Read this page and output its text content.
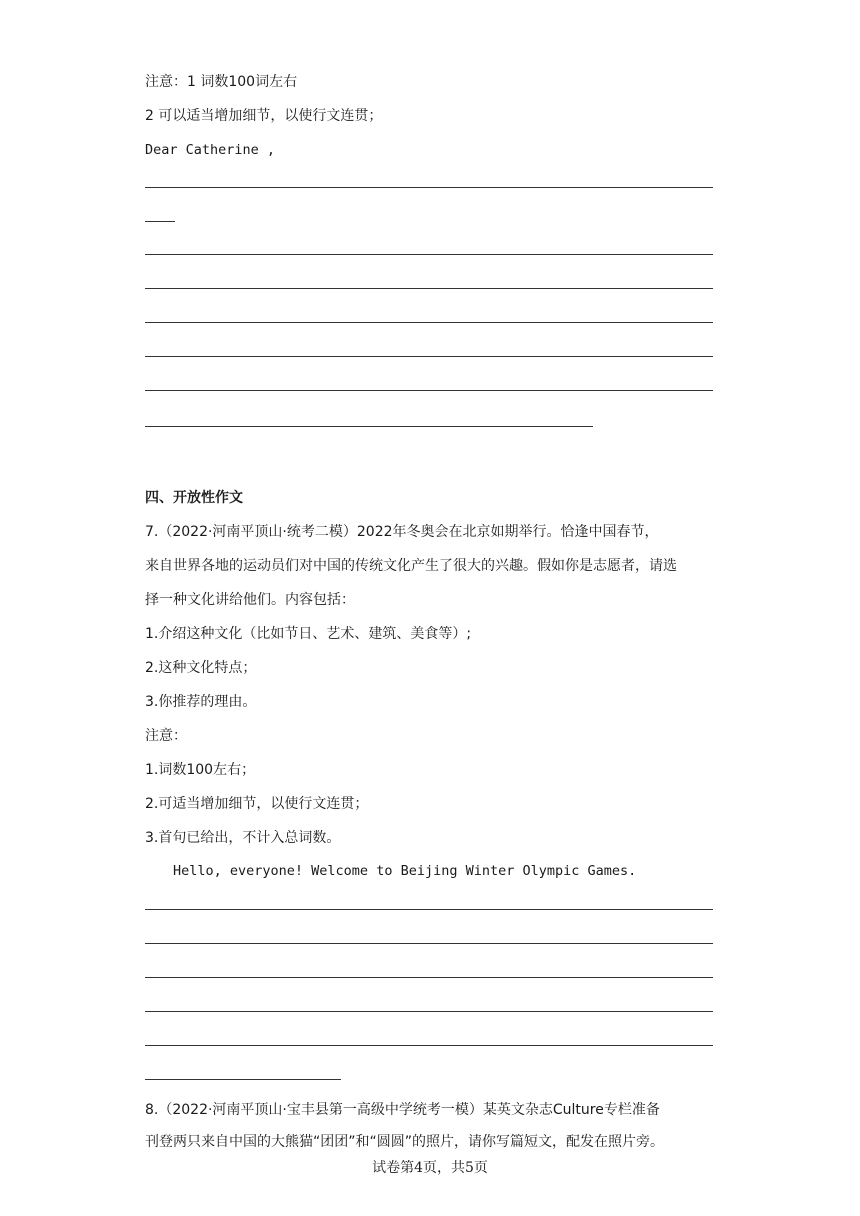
注意：1 词数100词左右
2 可以适当增加细节，以使行文连贯；
Dear Catherine ,
四、开放性作文
7.（2022·河南平顶山·统考二模）2022年冬奥会在北京如期举行。恰逢中国春节，
来自世界各地的运动员们对中国的传统文化产生了很大的兴趣。假如你是志愿者，请选
择一种文化讲给他们。内容包括：
1.介绍这种文化（比如节日、艺术、建筑、美食等）;
2.这种文化特点；
3.你推荐的理由。
注意：
1.词数100左右；
2.可适当增加细节，以使行文连贯；
3.首句已给出，不计入总词数。
Hello, everyone! Welcome to Beijing Winter Olympic Games.
8.（2022·河南平顶山·宝丰县第一高级中学统考一模）某英文杂志Culture专栏准备
刊登两只来自中国的大熊猫“团团”和“圆圆”的照片，请你写篇短文，配发在照片旁。
试卷第4页，共5页
